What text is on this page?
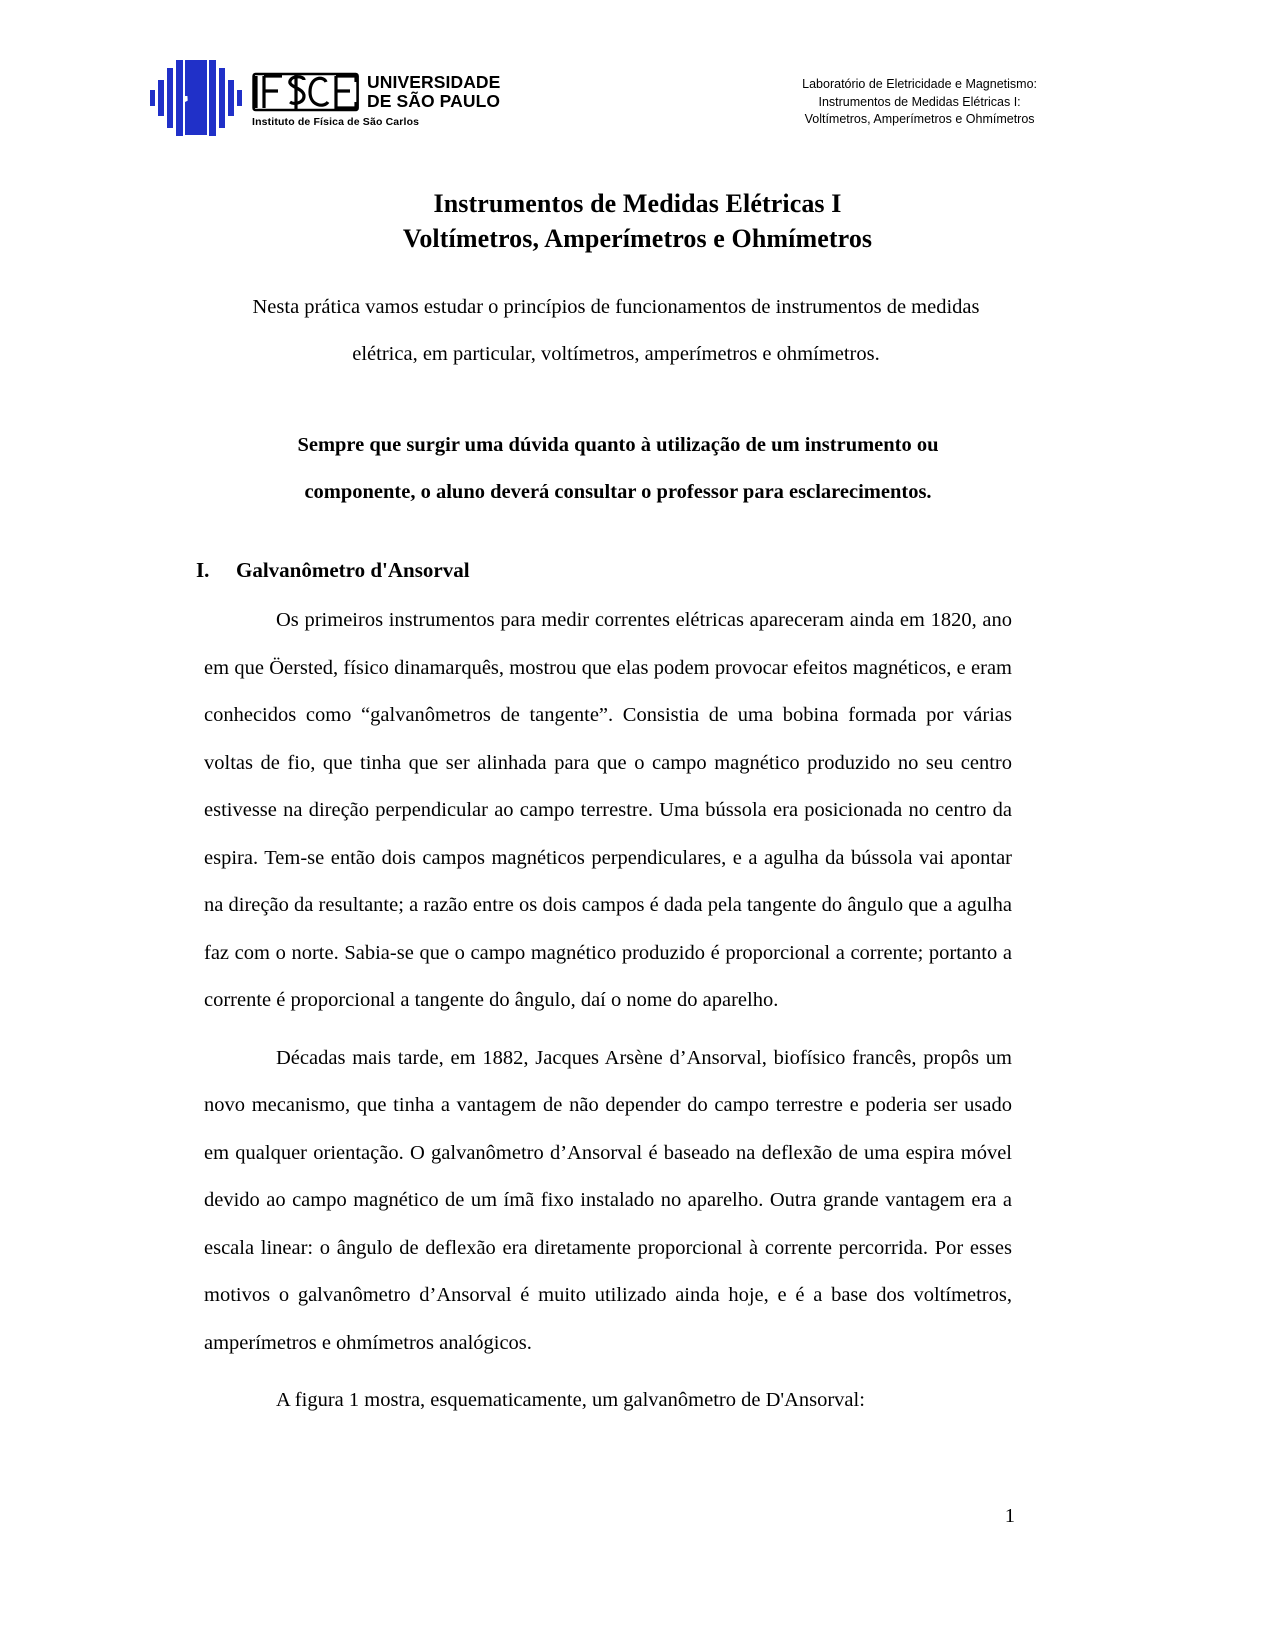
UNIVERSIDADE
DE SÃO PAULO
Instituto de Física de São Carlos
Laboratório de Eletricidade e Magnetismo:
Instrumentos de Medidas Elétricas I:
Voltímetros, Amperímetros e Ohmímetros
Instrumentos de Medidas Elétricas I
Voltímetros, Amperímetros e Ohmímetros

Nesta prática vamos estudar o princípios de funcionamentos de instrumentos de medidas elétrica, em particular, voltímetros, amperímetros e ohmímetros.

Sempre que surgir uma dúvida quanto à utilização de um instrumento ou componente, o aluno deverá consultar o professor para esclarecimentos.

I.	Galvanômetro d'Ansorval

Os primeiros instrumentos para medir correntes elétricas apareceram ainda em 1820, ano em que Öersted, físico dinamarquês, mostrou que elas podem provocar efeitos magnéticos, e eram conhecidos como “galvanômetros de tangente”. Consistia de uma bobina formada por várias voltas de fio, que tinha que ser alinhada para que o campo magnético produzido no seu centro estivesse na direção perpendicular ao campo terrestre. Uma bússola era posicionada no centro da espira. Tem-se então dois campos magnéticos perpendiculares, e a agulha da bússola vai apontar na direção da resultante; a razão entre os dois campos é dada pela tangente do ângulo que a agulha faz com o norte. Sabia-se que o campo magnético produzido é proporcional a corrente; portanto a corrente é proporcional a tangente do ângulo, daí o nome do aparelho.

Décadas mais tarde, em 1882, Jacques Arsène d’Ansorval, biofísico francês, propôs um novo mecanismo, que tinha a vantagem de não depender do campo terrestre e poderia ser usado em qualquer orientação. O galvanômetro d’Ansorval é baseado na deflexão de uma espira móvel devido ao campo magnético de um ímã fixo instalado no aparelho. Outra grande vantagem era a escala linear: o ângulo de deflexão era diretamente proporcional à corrente percorrida. Por esses motivos o galvanômetro d’Ansorval é muito utilizado ainda hoje, e é a base dos voltímetros, amperímetros e ohmímetros analógicos.

A figura 1 mostra, esquematicamente, um galvanômetro de D'Ansorval:

1
